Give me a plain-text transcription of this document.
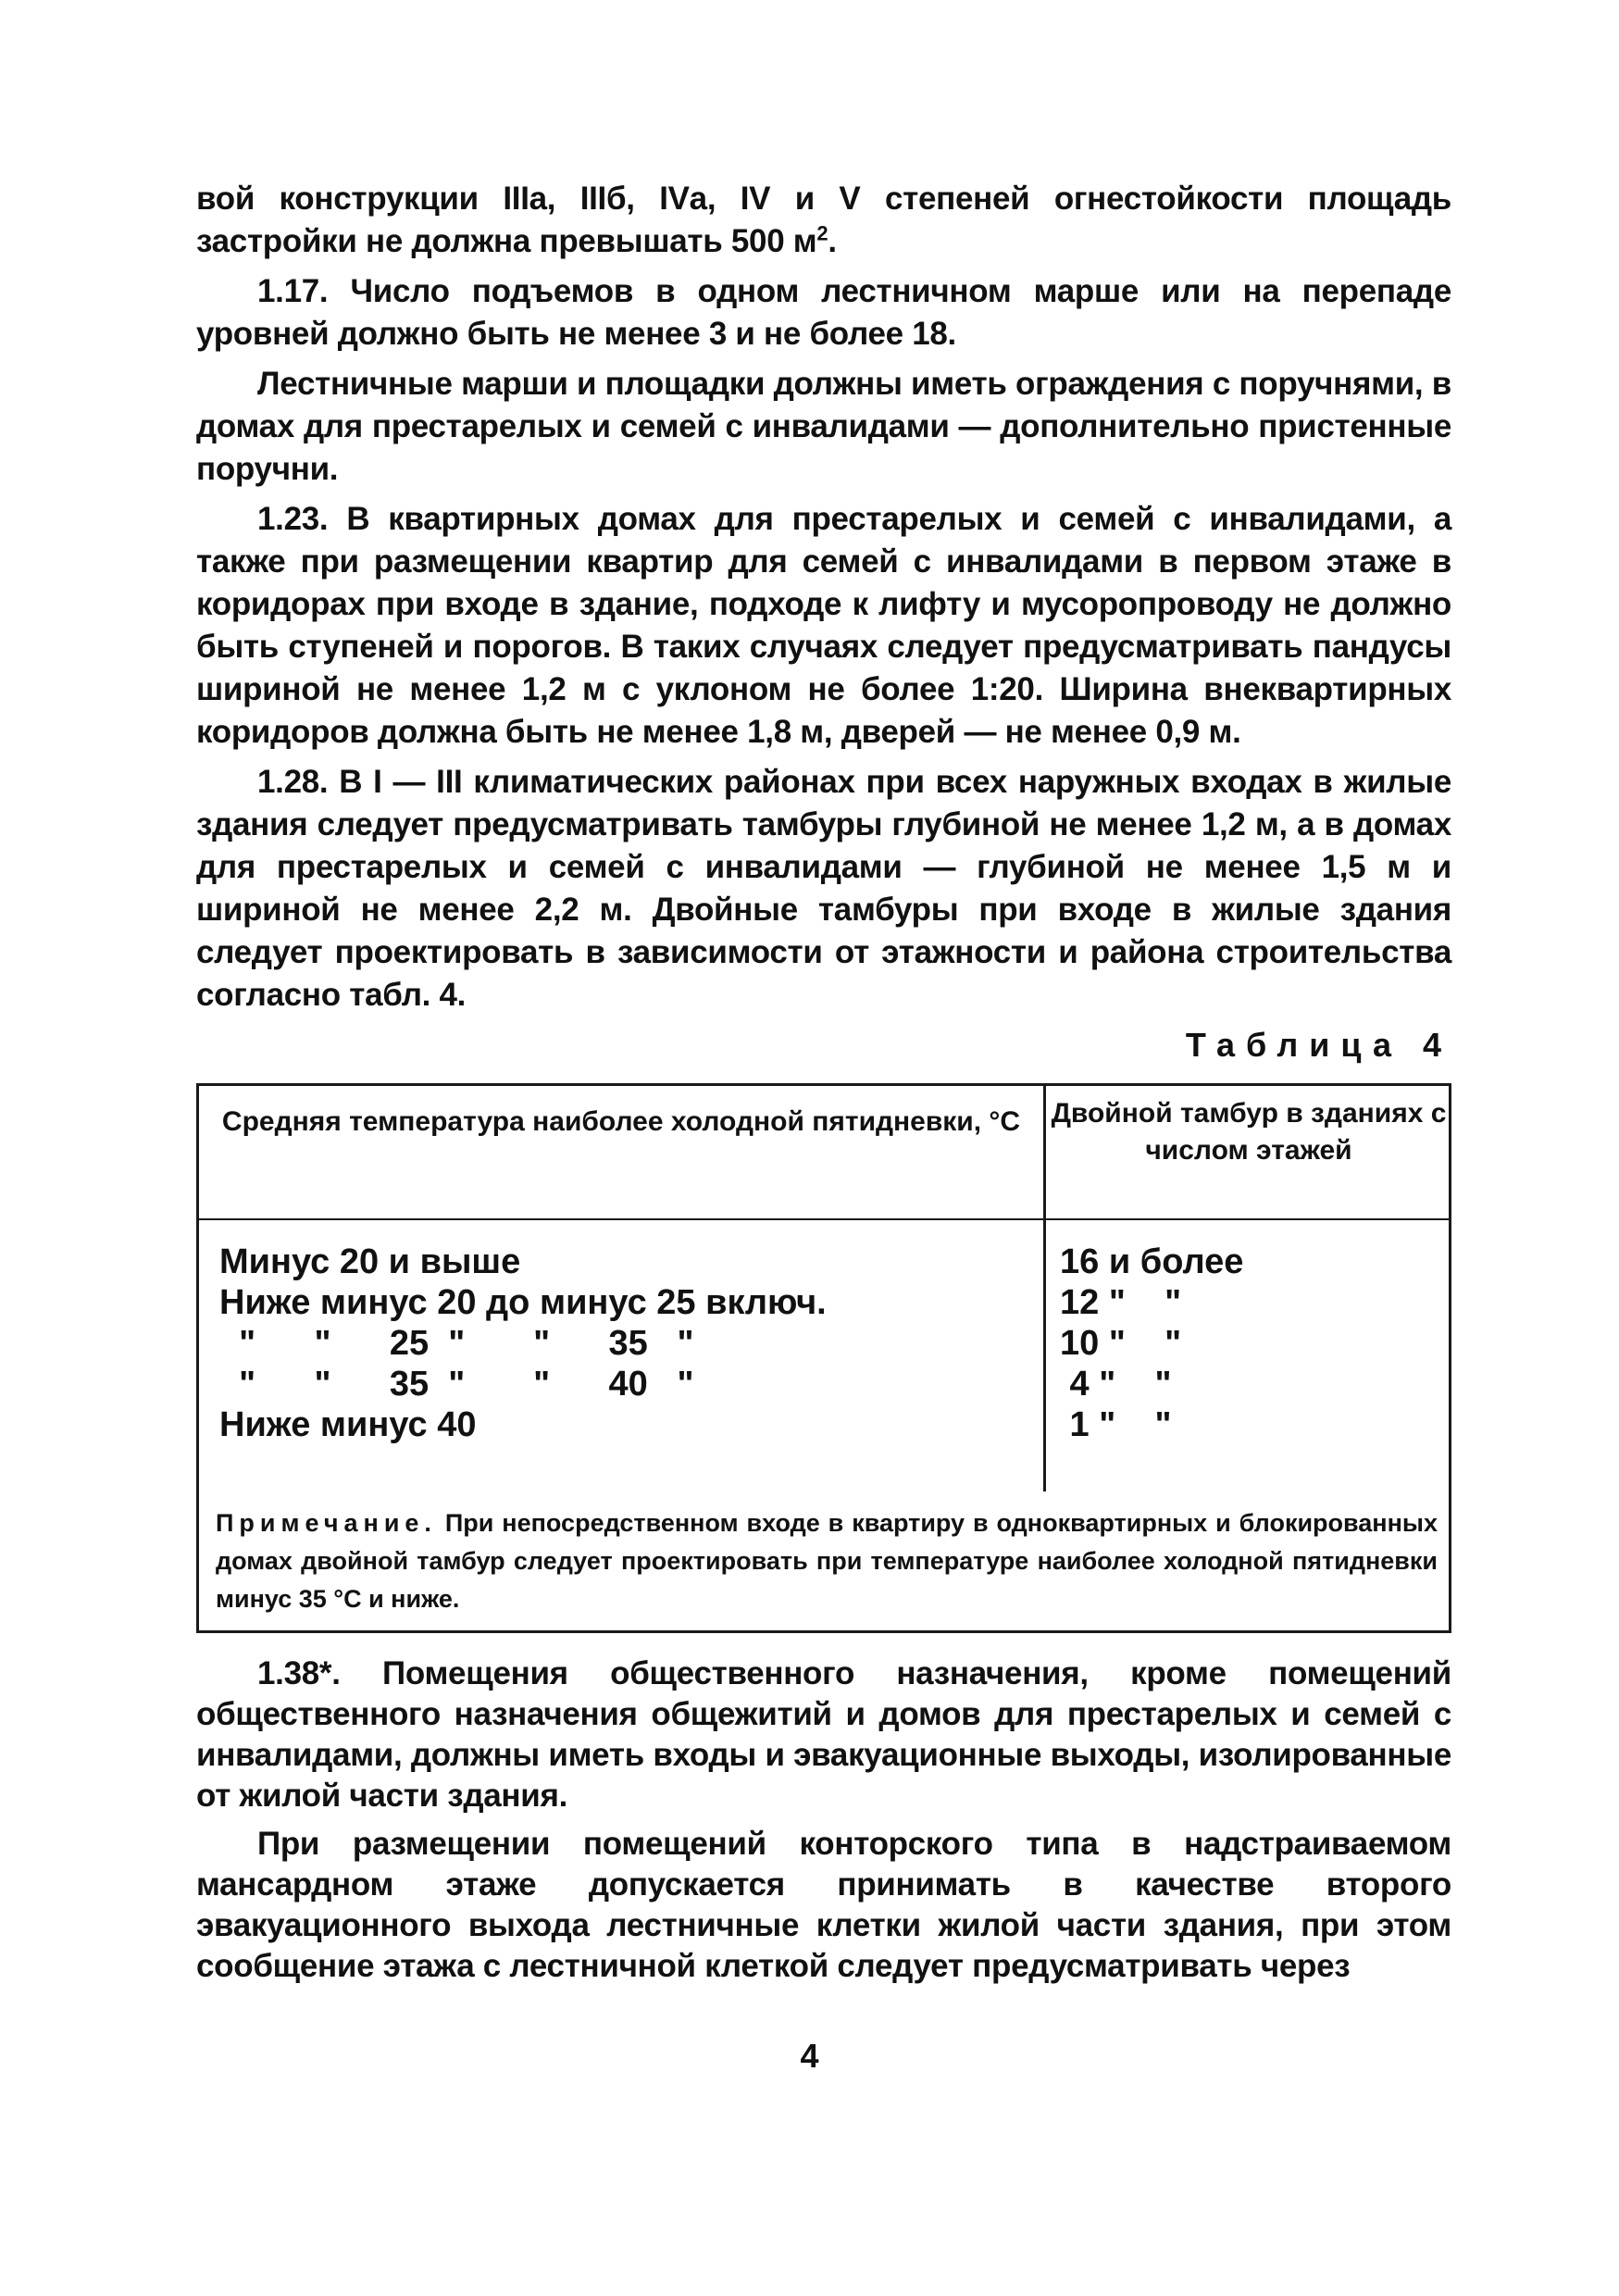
вой конструкции IIIа, IIIб, IVа, IV и V степеней огнестойкости площадь застройки не должна превышать 500 $м^2$.

1.17. Число подъемов в одном лестничном марше или на перепаде уровней должно быть не менее 3 и не более 18.

Лестничные марши и площадки должны иметь ограждения с поручнями, в домах для престарелых и семей с инвалидами — дополнительно пристенные поручни.

1.23. В квартирных домах для престарелых и семей с инвалидами, а также при размещении квартир для семей с инвалидами в первом этаже в коридорах при входе в здание, подходе к лифту и мусоропроводу не должно быть ступеней и порогов. В таких случаях следует предусматривать пандусы шириной не менее 1,2 м с уклоном не более 1:20. Ширина внеквартирных коридоров должна быть не менее 1,8 м, дверей — не менее 0,9 м.

1.28. В I — III климатических районах при всех наружных входах в жилые здания следует предусматривать тамбуры глубиной не менее 1,2 м, а в домах для престарелых и семей с инвалидами — глубиной не менее 1,5 м и шириной не менее 2,2 м. Двойные тамбуры при входе в жилые здания следует проектировать в зависимости от этажности и района строительства согласно табл. 4.

Таблица 4
Средняя температура наиболее холодной пятидневки, °С	Двойной тамбур в зданиях с числом этажей
Минус 20 и выше	16 и более
Ниже минус 20 до минус 25 включ.	12 "    "
"      "      25  "       "      35   "	10 "    "
"      "      35  "       "      40   "	4 "    "
Ниже минус 40	1 "    "
Примечание. При непосредственном входе в квартиру в одноквартирных и блокированных домах двойной тамбур следует проектировать при температуре наиболее холодной пятидневки минус 35 °С и ниже.

1.38*. Помещения общественного назначения, кроме помещений общественного назначения общежитий и домов для престарелых и семей с инвалидами, должны иметь входы и эвакуационные выходы, изолированные от жилой части здания.

При размещении помещений конторского типа в надстраиваемом мансардном этаже допускается принимать в качестве второго эвакуационного выхода лестничные клетки жилой части здания, при этом сообщение этажа с лестничной клеткой следует предусматривать через

4
